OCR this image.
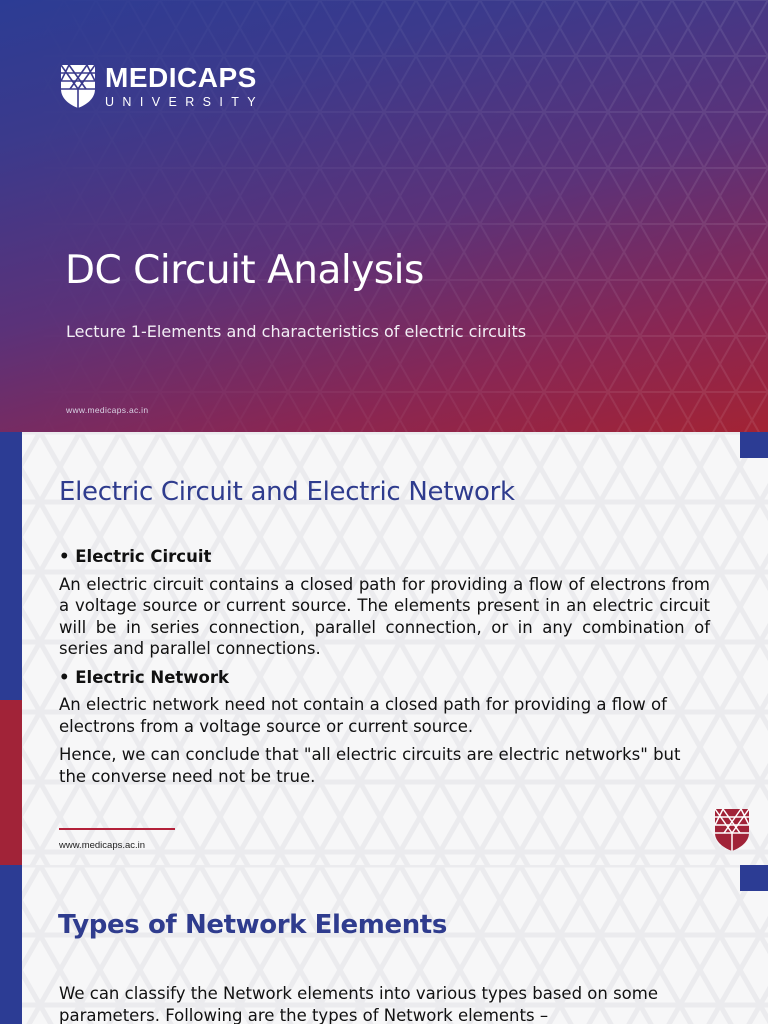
MEDICAPS
UNIVERSITY
DC Circuit Analysis

Lecture 1-Elements and characteristics of electric circuits

www.medicaps.ac.in
Electric Circuit and Electric Network
• Electric Circuit

An electric circuit contains a closed path for providing a flow of electrons from a voltage source or current source. The elements present in an electric circuit will be in series connection, parallel connection, or in any combination of series and parallel connections.

• Electric Network

An electric network need not contain a closed path for providing a flow of electrons from a voltage source or current source.

Hence, we can conclude that "all electric circuits are electric networks" but the converse need not be true.

www.medicaps.ac.in
Types of Network Elements

We can classify the Network elements into various types based on some parameters. Following are the types of Network elements –
